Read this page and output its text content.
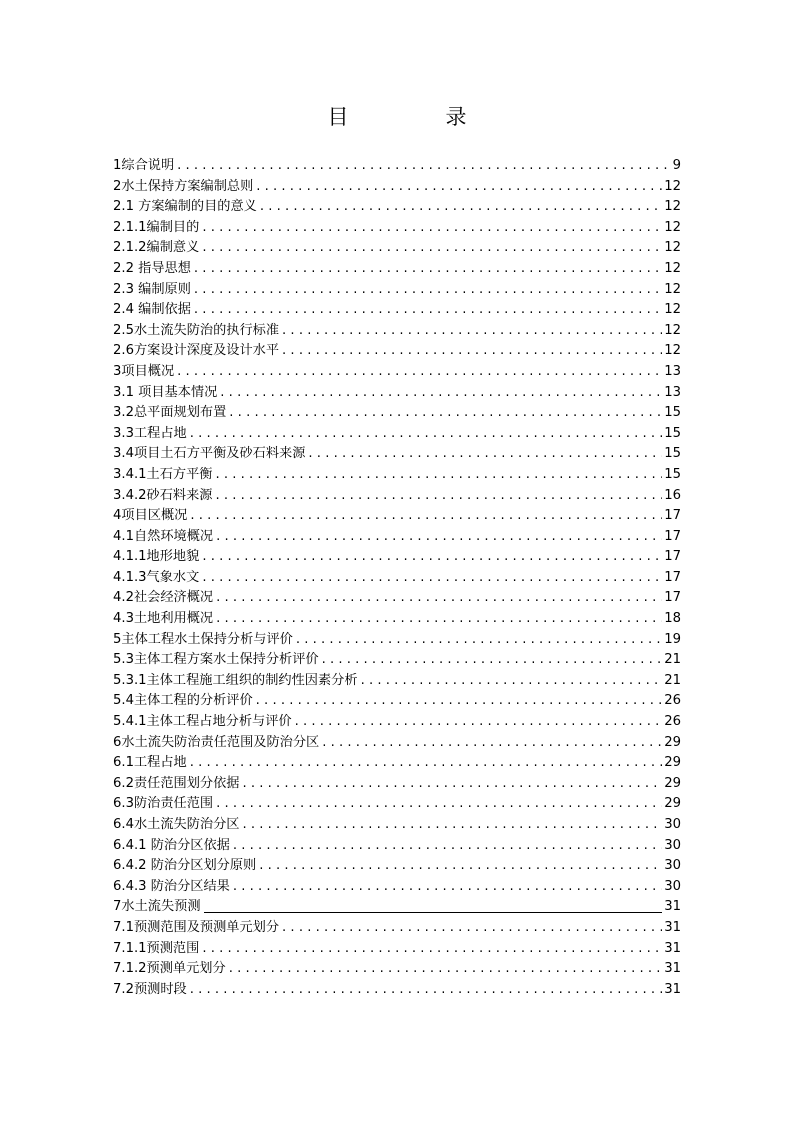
目　录
1综合说明 . . .	9
2水土保持方案编制总则 . . .	12
2.1 方案编制的目的意义 . . .	12
2.1.1编制目的 . . .	12
2.1.2编制意义 . . .	12
2.2 指导思想 . . .	12
2.3 编制原则 . . .	12
2.4 编制依据 . . .	12
2.5水土流失防治的执行标准 . . .	12
2.6方案设计深度及设计水平 . . .	12
3项目概况 . . .	13
3.1 项目基本情况 . . .	13
3.2总平面规划布置 . . .	15
3.3工程占地 . . .	15
3.4项目土石方平衡及砂石料来源 . . .	15
3.4.1土石方平衡 . . .	15
3.4.2砂石料来源 . . .	16
4项目区概况 . . .	17
4.1自然环境概况 . . .	17
4.1.1地形地貌 . . .	17
4.1.3气象水文 . . .	17
4.2社会经济概况 . . .	17
4.3土地利用概况 . . .	18
5主体工程水土保持分析与评价 . . .	19
5.3主体工程方案水土保持分析评价 . . .	21
5.3.1主体工程施工组织的制约性因素分析 . . .	21
5.4主体工程的分析评价 . . .	26
5.4.1主体工程占地分析与评价 . . .	26
6水土流失防治责任范围及防治分区 . . .	29
6.1工程占地 . . .	29
6.2责任范围划分依据 . . .	29
6.3防治责任范围 . . .	29
6.4水土流失防治分区 . . .	30
6.4.1 防治分区依据 . . .	30
6.4.2 防治分区划分原则 . . .	30
6.4.3 防治分区结果 . . .	30
7水土流失预测	31
7.1预测范围及预测单元划分 . . .	31
7.1.1预测范围 . . .	31
7.1.2预测单元划分 . . .	31
7.2预测时段 . . .	31
